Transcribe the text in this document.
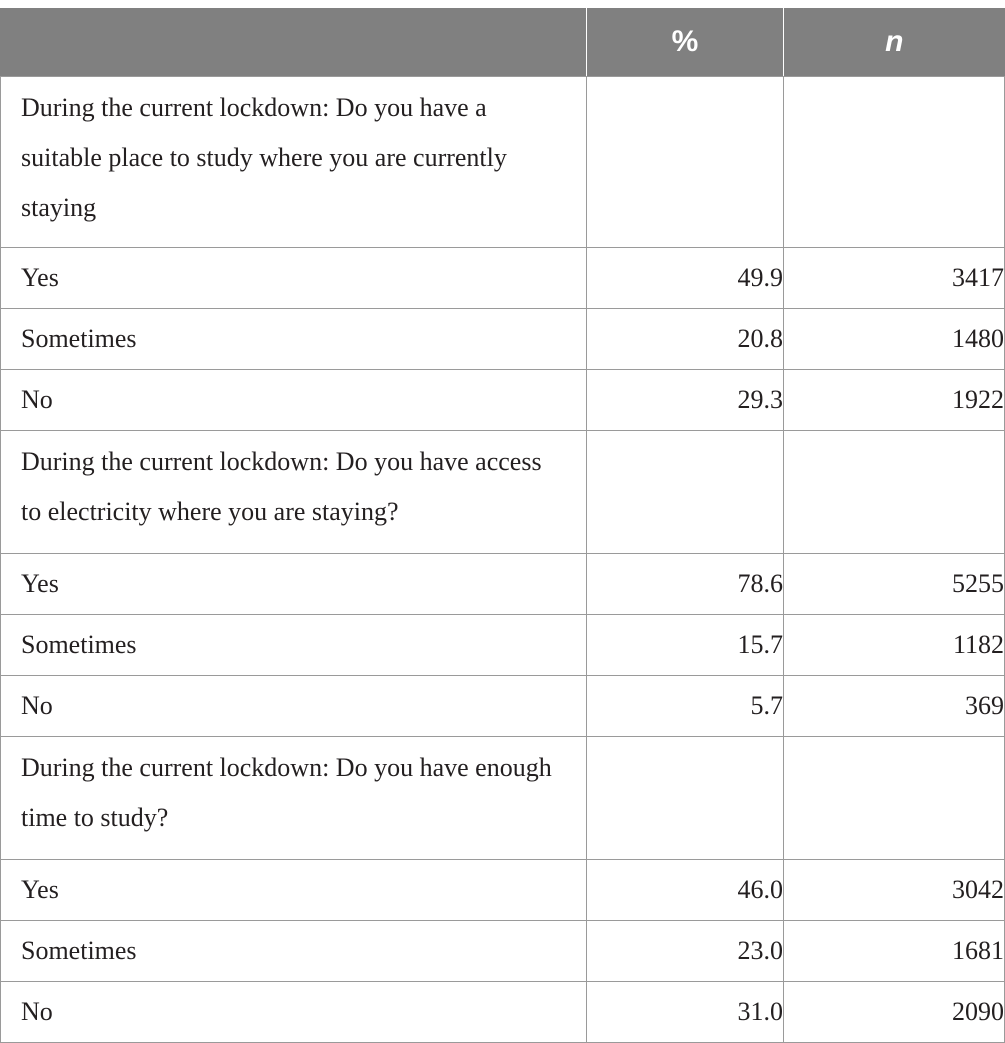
	%	n
During the current lockdown: Do you have a suitable place to study where you are currently staying		
Yes	49.9	3417
Sometimes	20.8	1480
No	29.3	1922
During the current lockdown: Do you have access to electricity where you are staying?		
Yes	78.6	5255
Sometimes	15.7	1182
No	5.7	369
During the current lockdown: Do you have enough time to study?		
Yes	46.0	3042
Sometimes	23.0	1681
No	31.0	2090
